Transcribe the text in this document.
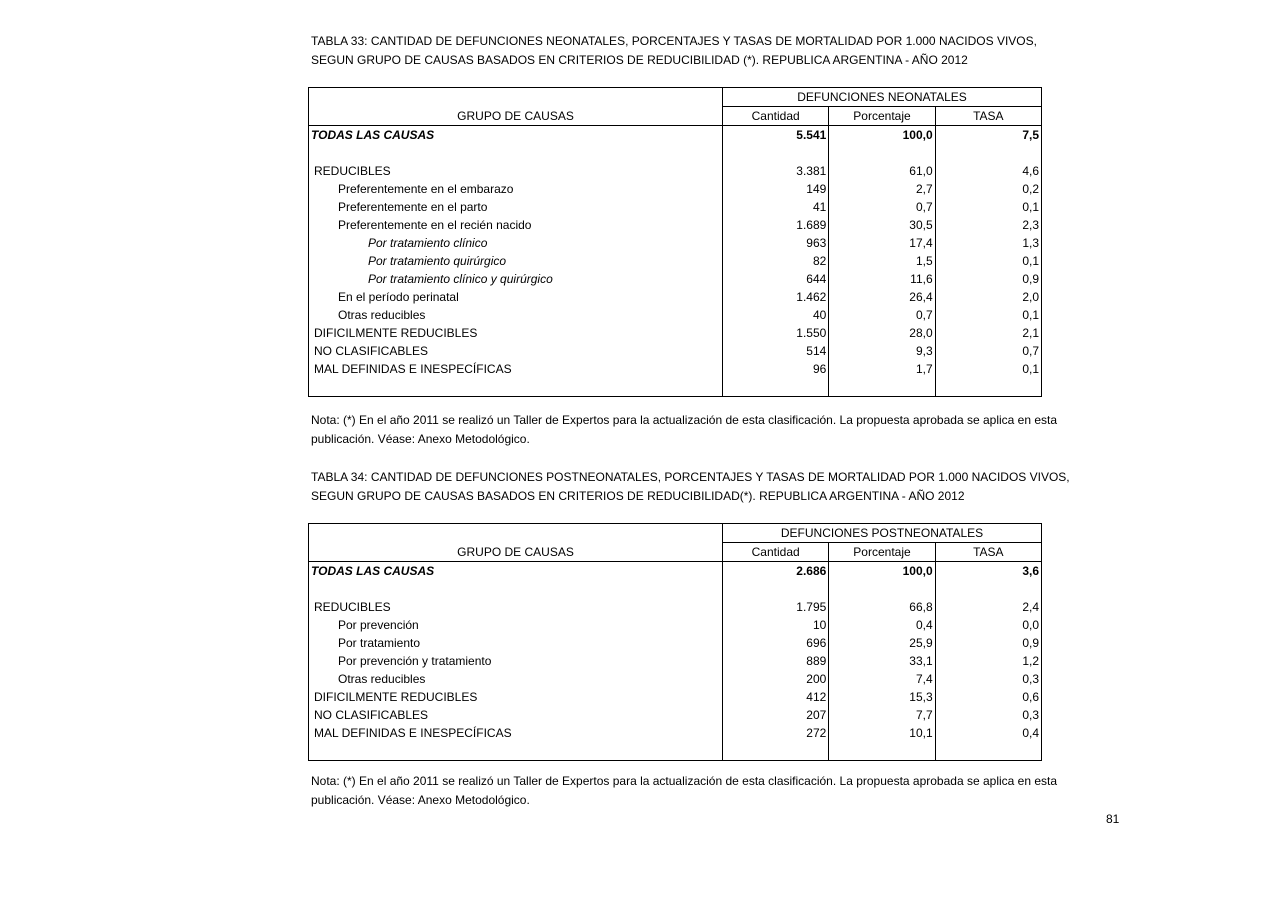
TABLA 33: CANTIDAD DE DEFUNCIONES NEONATALES, PORCENTAJES Y TASAS DE MORTALIDAD POR 1.000 NACIDOS VIVOS,
SEGUN GRUPO DE CAUSAS BASADOS EN CRITERIOS DE REDUCIBILIDAD (*). REPUBLICA ARGENTINA - AÑO 2012
	DEFUNCIONES NEONATALES		
GRUPO DE CAUSAS	Cantidad	Porcentaje	TASA
TODAS LAS CAUSAS	5.541	100,0	7,5

REDUCIBLES	3.381	61,0	4,6
Preferentemente en el embarazo	149	2,7	0,2
Preferentemente en el parto	41	0,7	0,1
Preferentemente en el recién nacido	1.689	30,5	2,3
Por tratamiento clínico	963	17,4	1,3
Por tratamiento quirúrgico	82	1,5	0,1
Por tratamiento clínico y quirúrgico	644	11,6	0,9
En el período perinatal	1.462	26,4	2,0
Otras reducibles	40	0,7	0,1
DIFICILMENTE REDUCIBLES	1.550	28,0	2,1
NO CLASIFICABLES	514	9,3	0,7
MAL DEFINIDAS E INESPECÍFICAS	96	1,7	0,1

Nota: (*) En el año 2011 se realizó un Taller de Expertos para la actualización de esta clasificación. La propuesta aprobada se aplica en esta
publicación. Véase: Anexo Metodológico.
TABLA 34: CANTIDAD DE DEFUNCIONES POSTNEONATALES, PORCENTAJES Y TASAS DE MORTALIDAD POR 1.000 NACIDOS VIVOS,
SEGUN GRUPO DE CAUSAS BASADOS EN CRITERIOS DE REDUCIBILIDAD(*). REPUBLICA ARGENTINA - AÑO 2012
	DEFUNCIONES POSTNEONATALES		
GRUPO DE CAUSAS	Cantidad	Porcentaje	TASA
TODAS LAS CAUSAS	2.686	100,0	3,6

REDUCIBLES	1.795	66,8	2,4
Por prevención	10	0,4	0,0
Por tratamiento	696	25,9	0,9
Por prevención y tratamiento	889	33,1	1,2
Otras reducibles	200	7,4	0,3
DIFICILMENTE REDUCIBLES	412	15,3	0,6
NO CLASIFICABLES	207	7,7	0,3
MAL DEFINIDAS E INESPECÍFICAS	272	10,1	0,4

Nota: (*) En el año 2011 se realizó un Taller de Expertos para la actualización de esta clasificación. La propuesta aprobada se aplica en esta
publicación. Véase: Anexo Metodológico.
81
